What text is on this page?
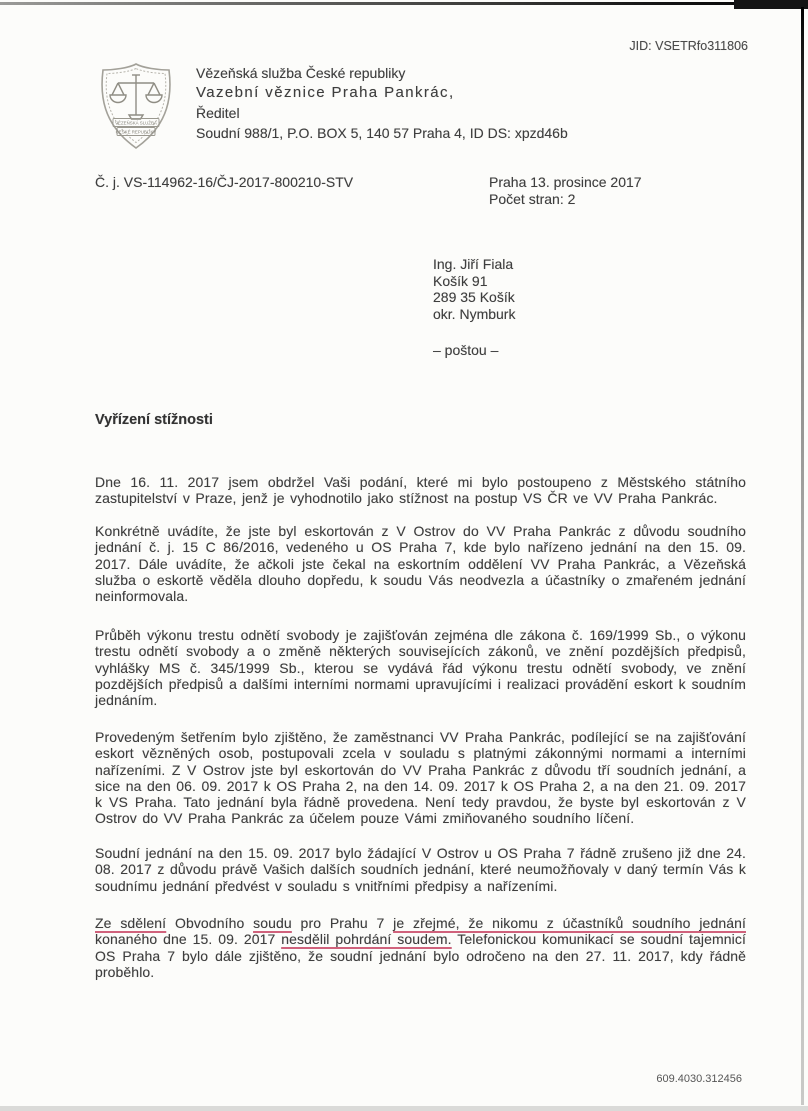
JID: VSETRfo311806
VĚZEŇSKÁ SLUŽBA
ČESKÉ REPUBLIKY
Vězeňská služba České republiky
Vazební věznice Praha Pankrác,
Ředitel
Soudní 988/1, P.O. BOX 5, 140 57 Praha 4, ID DS: xpzd46b
Č. j. VS-114962-16/ČJ-2017-800210-STV	Praha 13. prosince 2017
Počet stran: 2
Ing. Jiří Fiala
Košík 91
289 35 Košík
okr. Nymburk
– poštou –
Vyřízení stížnosti

Dne 16. 11. 2017 jsem obdržel Vaši podání, které mi bylo postoupeno z Městského státního zastupitelství v Praze, jenž je vyhodnotilo jako stížnost na postup VS ČR ve VV Praha Pankrác.

Konkrétně uvádíte, že jste byl eskortován z V Ostrov do VV Praha Pankrác z důvodu soudního jednání č. j. 15 C 86/2016, vedeného u OS Praha 7, kde bylo nařízeno jednání na den 15. 09. 2017. Dále uvádíte, že ačkoli jste čekal na eskortním oddělení VV Praha Pankrác, a Vězeňská služba o eskortě věděla dlouho dopředu, k soudu Vás neodvezla a účastníky o zmařeném jednání neinformovala.

Průběh výkonu trestu odnětí svobody je zajišťován zejména dle zákona č. 169/1999 Sb., o výkonu trestu odnětí svobody a o změně některých souvisejících zákonů, ve znění pozdějších předpisů, vyhlášky MS č. 345/1999 Sb., kterou se vydává řád výkonu trestu odnětí svobody, ve znění pozdějších předpisů a dalšími interními normami upravujícími i realizaci provádění eskort k soudním jednáním.

Provedeným šetřením bylo zjištěno, že zaměstnanci VV Praha Pankrác, podílející se na zajišťování eskort vězněných osob, postupovali zcela v souladu s platnými zákonnými normami a interními nařízeními. Z V Ostrov jste byl eskortován do VV Praha Pankrác z důvodu tří soudních jednání, a sice na den 06. 09. 2017 k OS Praha 2, na den 14. 09. 2017 k OS Praha 2, a na den 21. 09. 2017 k VS Praha. Tato jednání byla řádně provedena. Není tedy pravdou, že byste byl eskortován z V Ostrov do VV Praha Pankrác za účelem pouze Vámi zmiňovaného soudního líčení.

Soudní jednání na den 15. 09. 2017 bylo žádající V Ostrov u OS Praha 7 řádně zrušeno již dne 24. 08. 2017 z důvodu právě Vašich dalších soudních jednání, které neumožňovaly v daný termín Vás k soudnímu jednání předvést v souladu s vnitřními předpisy a nařízeními.

Ze sdělení Obvodního soudu pro Prahu 7 je zřejmé, že nikomu z účastníků soudního jednání konaného dne 15. 09. 2017 nesdělil pohrdání soudem. Telefonickou komunikací se soudní tajemnicí OS Praha 7 bylo dále zjištěno, že soudní jednání bylo odročeno na den 27. 11. 2017, kdy řádně proběhlo.

609.4030.312456
